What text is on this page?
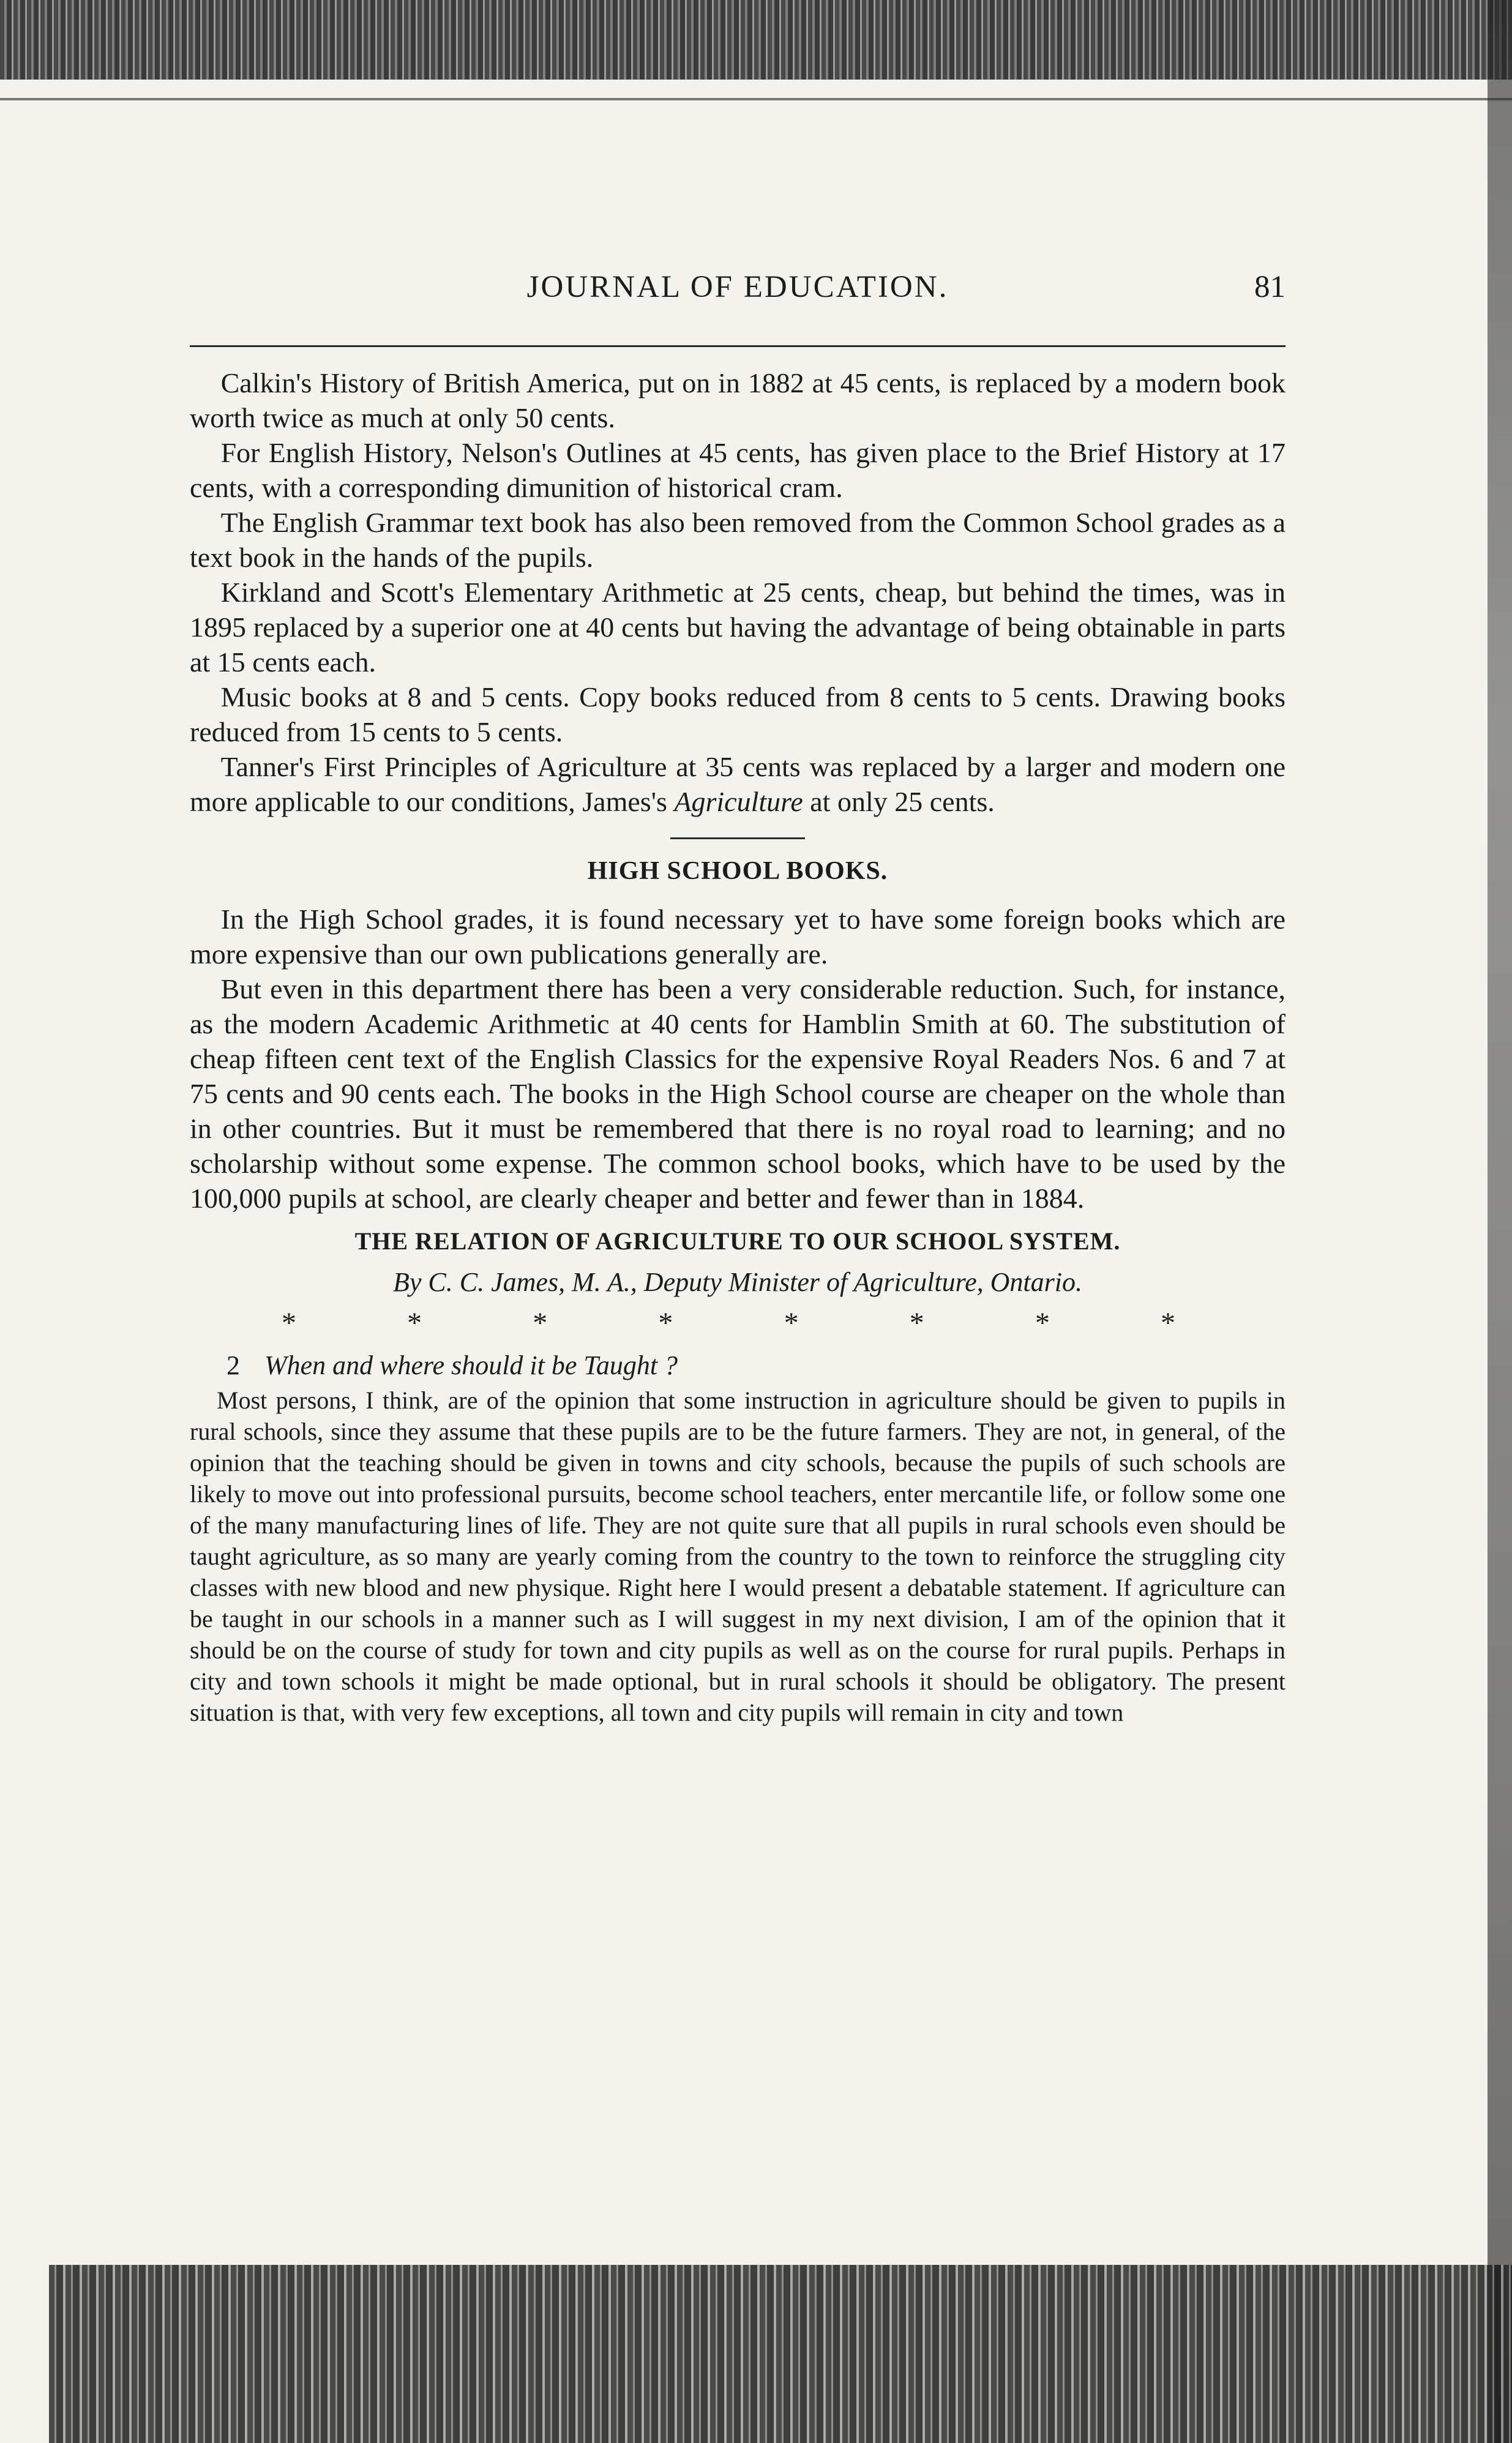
JOURNAL OF EDUCATION.	81

Calkin's History of British America, put on in 1882 at 45 cents, is replaced by a modern book worth twice as much at only 50 cents.

For English History, Nelson's Outlines at 45 cents, has given place to the Brief History at 17 cents, with a corresponding dimunition of historical cram.

The English Grammar text book has also been removed from the Common School grades as a text book in the hands of the pupils.

Kirkland and Scott's Elementary Arithmetic at 25 cents, cheap, but behind the times, was in 1895 replaced by a superior one at 40 cents but having the advantage of being obtainable in parts at 15 cents each.

Music books at 8 and 5 cents. Copy books reduced from 8 cents to 5 cents. Drawing books reduced from 15 cents to 5 cents.

Tanner's First Principles of Agriculture at 35 cents was replaced by a larger and modern one more applicable to our conditions, James's Agriculture at only 25 cents.

HIGH SCHOOL BOOKS.

In the High School grades, it is found necessary yet to have some foreign books which are more expensive than our own publications generally are.

But even in this department there has been a very considerable reduction. Such, for instance, as the modern Academic Arithmetic at 40 cents for Hamblin Smith at 60. The substitution of cheap fifteen cent text of the English Classics for the expensive Royal Readers Nos. 6 and 7 at 75 cents and 90 cents each. The books in the High School course are cheaper on the whole than in other countries. But it must be remembered that there is no royal road to learning; and no scholarship without some expense. The common school books, which have to be used by the 100,000 pupils at school, are clearly cheaper and better and fewer than in 1884.

THE RELATION OF AGRICULTURE TO OUR SCHOOL SYSTEM.
By C. C. James, M. A., Deputy Minister of Agriculture, Ontario.
*	*	*	*	*	*	*	*
2 When and where should it be Taught ?

Most persons, I think, are of the opinion that some instruction in agriculture should be given to pupils in rural schools, since they assume that these pupils are to be the future farmers. They are not, in general, of the opinion that the teaching should be given in towns and city schools, because the pupils of such schools are likely to move out into professional pursuits, become school teachers, enter mercantile life, or follow some one of the many manufacturing lines of life. They are not quite sure that all pupils in rural schools even should be taught agriculture, as so many are yearly coming from the country to the town to reinforce the struggling city classes with new blood and new physique. Right here I would present a debatable statement. If agriculture can be taught in our schools in a manner such as I will suggest in my next division, I am of the opinion that it should be on the course of study for town and city pupils as well as on the course for rural pupils. Perhaps in city and town schools it might be made optional, but in rural schools it should be obligatory. The present situation is that, with very few exceptions, all town and city pupils will remain in city and town
